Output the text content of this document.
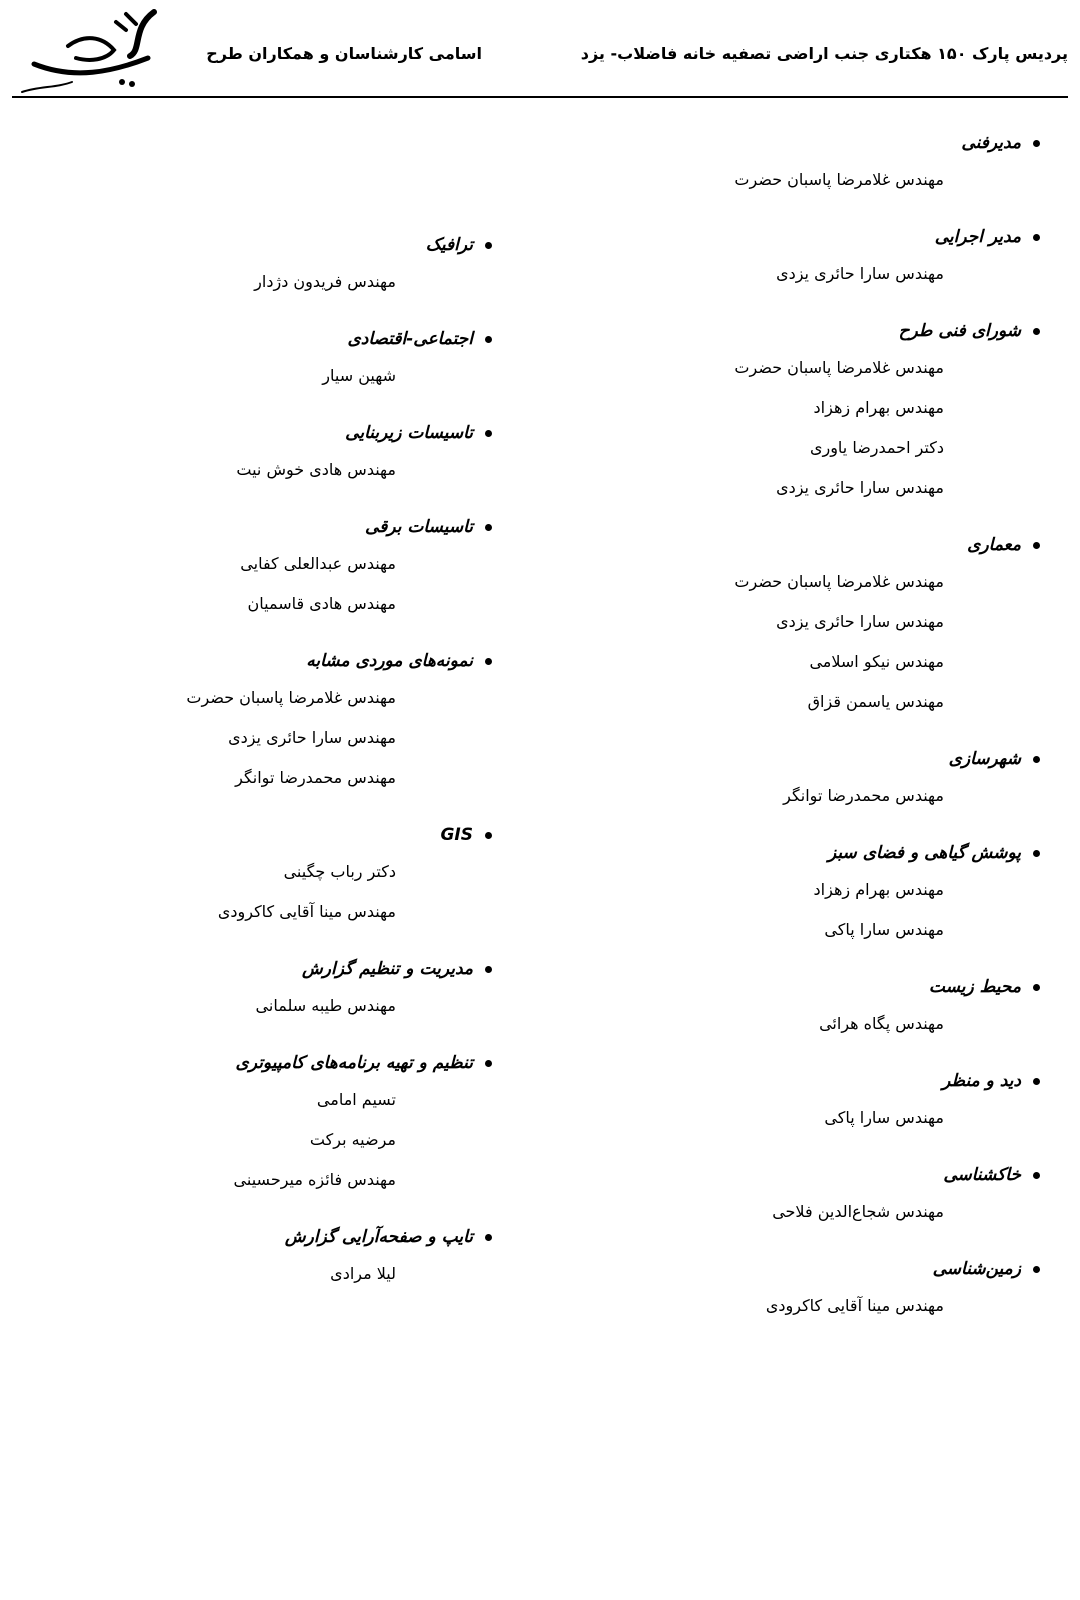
پردیس پارک ۱۵۰ هکتاری جنب اراضی تصفیه خانه فاضلاب- یزد
اسامی کارشناسان و همکاران طرح
مدیرفنی
مهندس غلامرضا پاسبان حضرت
مدیر اجرایی
مهندس سارا حائری یزدی
شورای فنی طرح
مهندس غلامرضا پاسبان حضرت
مهندس بهرام زهزاد
دکتر احمدرضا یاوری
مهندس سارا حائری یزدی
معماری
مهندس غلامرضا پاسبان حضرت
مهندس سارا حائری یزدی
مهندس نیکو اسلامی
مهندس یاسمن قزاق
شهرسازی
مهندس محمدرضا توانگر
پوشش گیاهی و فضای سبز
مهندس بهرام زهزاد
مهندس سارا پاکی
محیط زیست
مهندس پگاه هرائی
دید و منظر
مهندس سارا پاکی
خاکشناسی
مهندس شجاع‌الدین فلاحی
زمین‌شناسی
مهندس مینا آقایی کاکرودی
ترافیک
مهندس فریدون دژدار
اجتماعی-اقتصادی
شهین سیار
تاسیسات زیربنایی
مهندس هادی خوش نیت
تاسیسات برقی
مهندس عبدالعلی کفایی
مهندس هادی قاسمیان
نمونه‌های موردی مشابه
مهندس غلامرضا پاسبان حضرت
مهندس سارا حائری یزدی
مهندس محمدرضا توانگر
GIS
دکتر رباب چگینی
مهندس مینا آقایی کاکرودی
مدیریت و تنظیم گزارش
مهندس طیبه سلمانی
تنظیم و تهیه برنامه‌های کامپیوتری
تسیم امامی
مرضیه برکت
مهندس فائزه میرحسینی
تایپ و صفحه‌آرایی گزارش
لیلا مرادی
